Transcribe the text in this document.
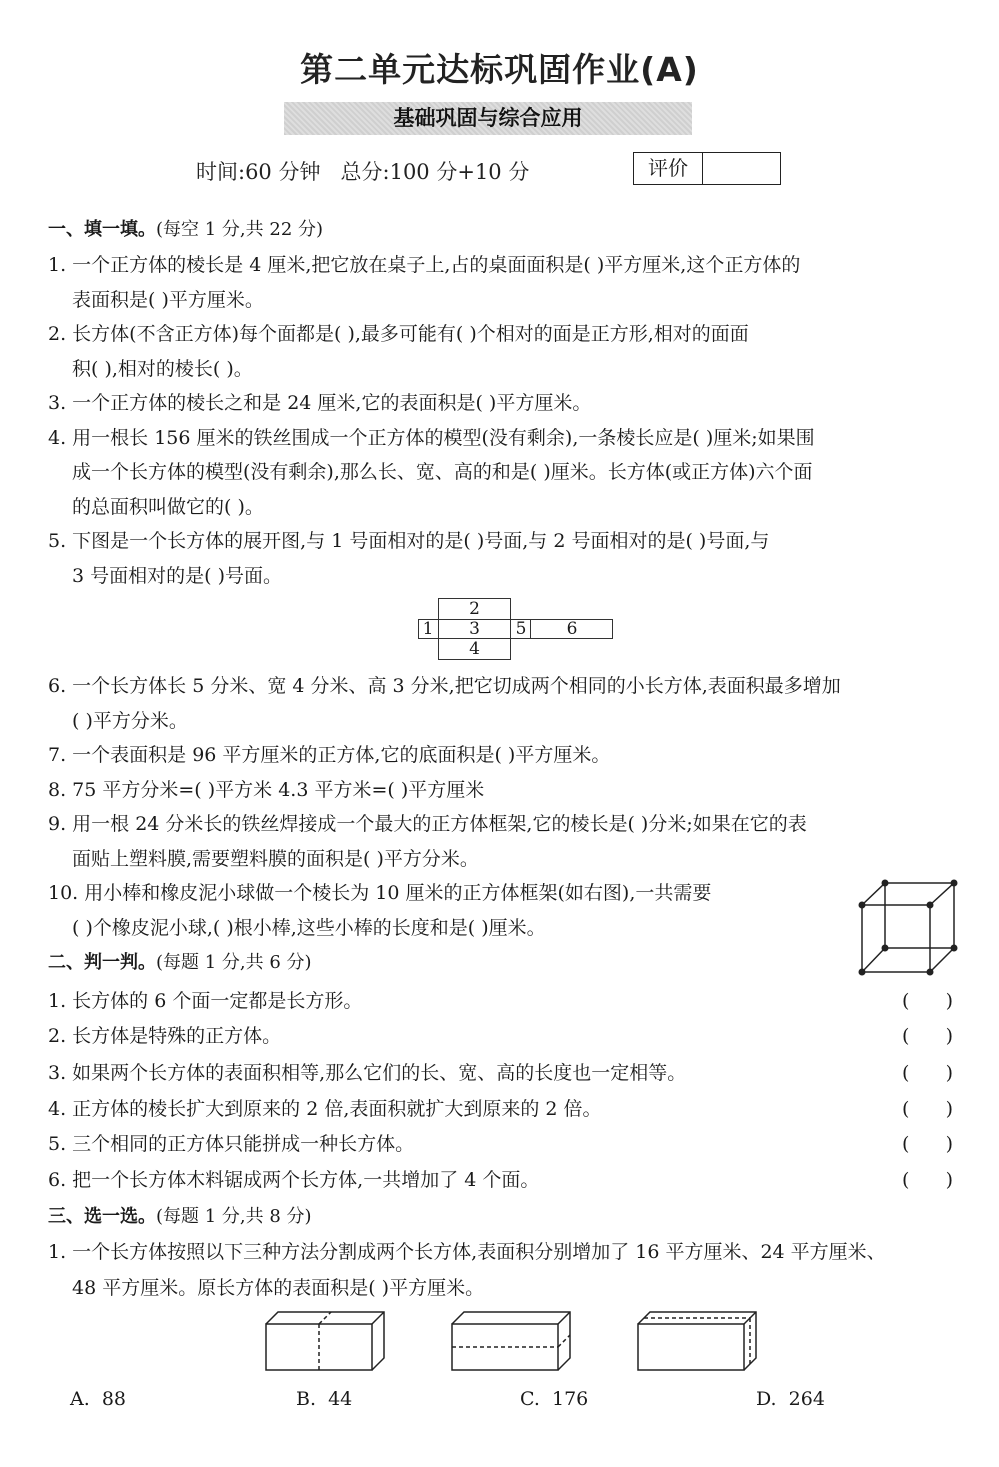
第二单元达标巩固作业(A)
基础巩固与综合应用
时间:60 分钟 总分:100 分+10 分	评价
一、填一填。(每空 1 分,共 22 分)
1. 一个正方体的棱长是 4 厘米,把它放在桌子上,占的桌面面积是( )平方厘米,这个正方体的
表面积是( )平方厘米。
2. 长方体(不含正方体)每个面都是( ),最多可能有( )个相对的面是正方形,相对的面面
积( ),相对的棱长( )。
3. 一个正方体的棱长之和是 24 厘米,它的表面积是( )平方厘米。
4. 用一根长 156 厘米的铁丝围成一个正方体的模型(没有剩余),一条棱长应是( )厘米;如果围
成一个长方体的模型(没有剩余),那么长、宽、高的和是( )厘米。长方体(或正方体)六个面
的总面积叫做它的( )。
5. 下图是一个长方体的展开图,与 1 号面相对的是( )号面,与 2 号面相对的是( )号面,与
3 号面相对的是( )号面。
1
2
3
4
5	6
6. 一个长方体长 5 分米、宽 4 分米、高 3 分米,把它切成两个相同的小长方体,表面积最多增加
( )平方分米。
7. 一个表面积是 96 平方厘米的正方体,它的底面积是( )平方厘米。
8. 75 平方分米=( )平方米 4.3 平方米=( )平方厘米
9. 用一根 24 分米长的铁丝焊接成一个最大的正方体框架,它的棱长是( )分米;如果在它的表
面贴上塑料膜,需要塑料膜的面积是( )平方分米。
10. 用小棒和橡皮泥小球做一个棱长为 10 厘米的正方体框架(如右图),一共需要
( )个橡皮泥小球,( )根小棒,这些小棒的长度和是( )厘米。
二、判一判。(每题 1 分,共 6 分)
1. 长方体的 6 个面一定都是长方形。	(      )
2. 长方体是特殊的正方体。	(      )
3. 如果两个长方体的表面积相等,那么它们的长、宽、高的长度也一定相等。	(      )
4. 正方体的棱长扩大到原来的 2 倍,表面积就扩大到原来的 2 倍。	(      )
5. 三个相同的正方体只能拼成一种长方体。	(      )
6. 把一个长方体木料锯成两个长方体,一共增加了 4 个面。	(      )
三、选一选。(每题 1 分,共 8 分)
1. 一个长方体按照以下三种方法分割成两个长方体,表面积分别增加了 16 平方厘米、24 平方厘米、
48 平方厘米。原长方体的表面积是( )平方厘米。
A.  88	B.  44	C.  176	D.  264
